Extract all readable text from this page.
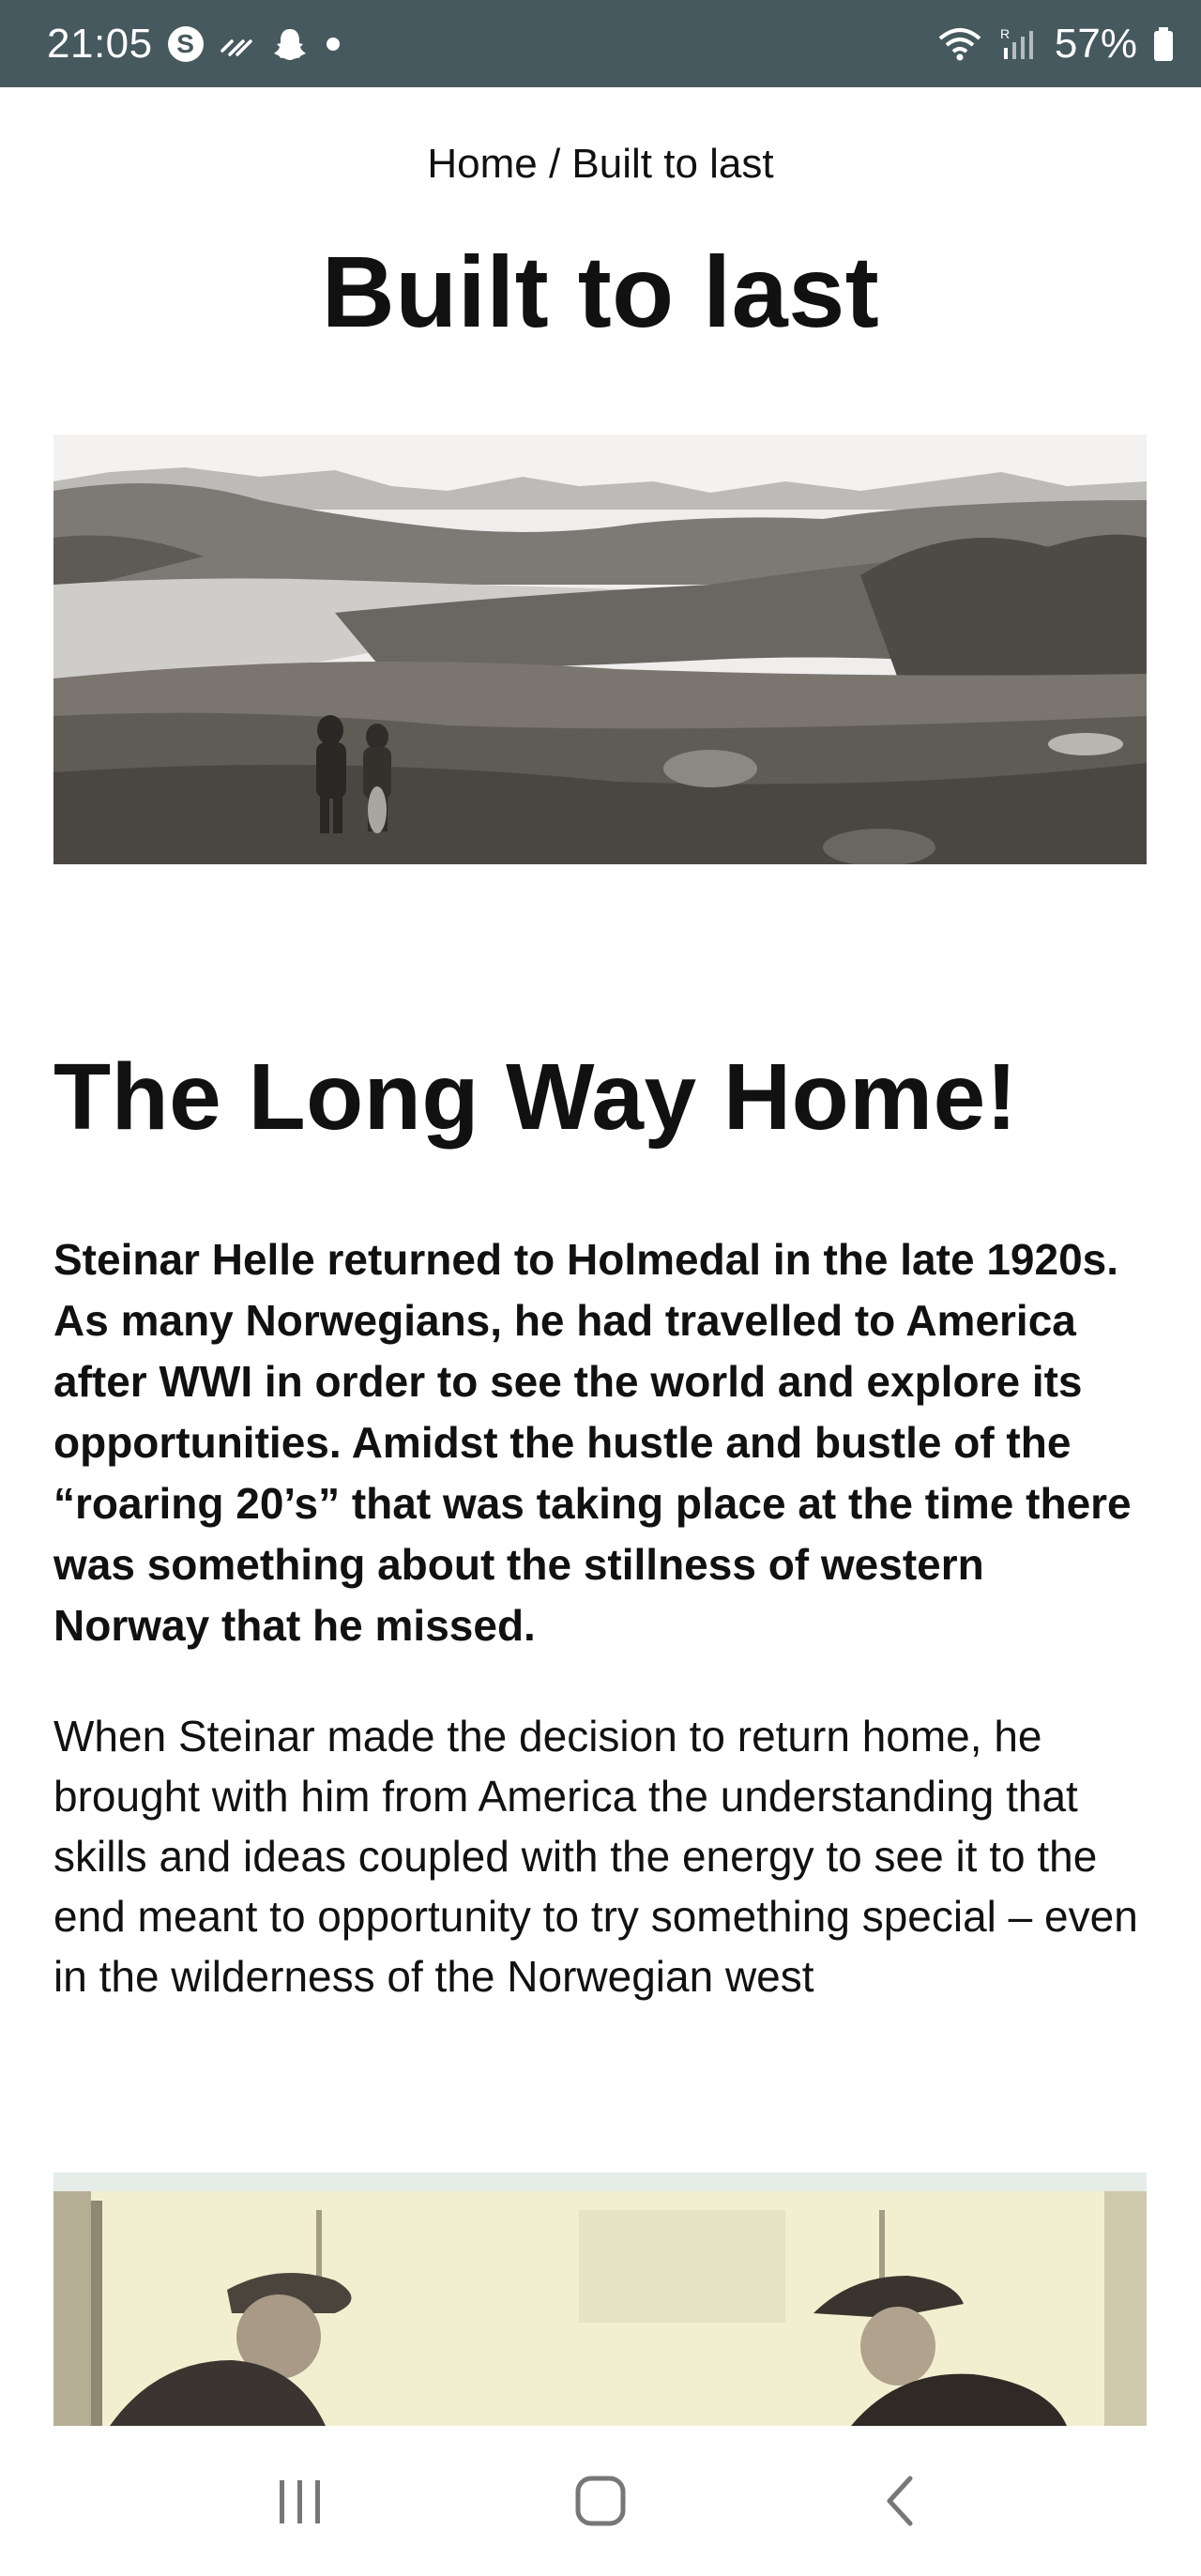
21:05 S	R 57%
Home / Built to last
Built to last
The Long Way Home!

Steinar Helle returned to Holmedal in the late 1920s. As many Norwegians, he had travelled to America after WWI in order to see the world and explore its opportunities. Amidst the hustle and bustle of the “roaring 20’s” that was taking place at the time there was something about the stillness of western Norway that he missed.

When Steinar made the decision to return home, he brought with him from America the understanding that skills and ideas coupled with the energy to see it to the end meant to opportunity to try something special – even in the wilderness of the Norwegian west
